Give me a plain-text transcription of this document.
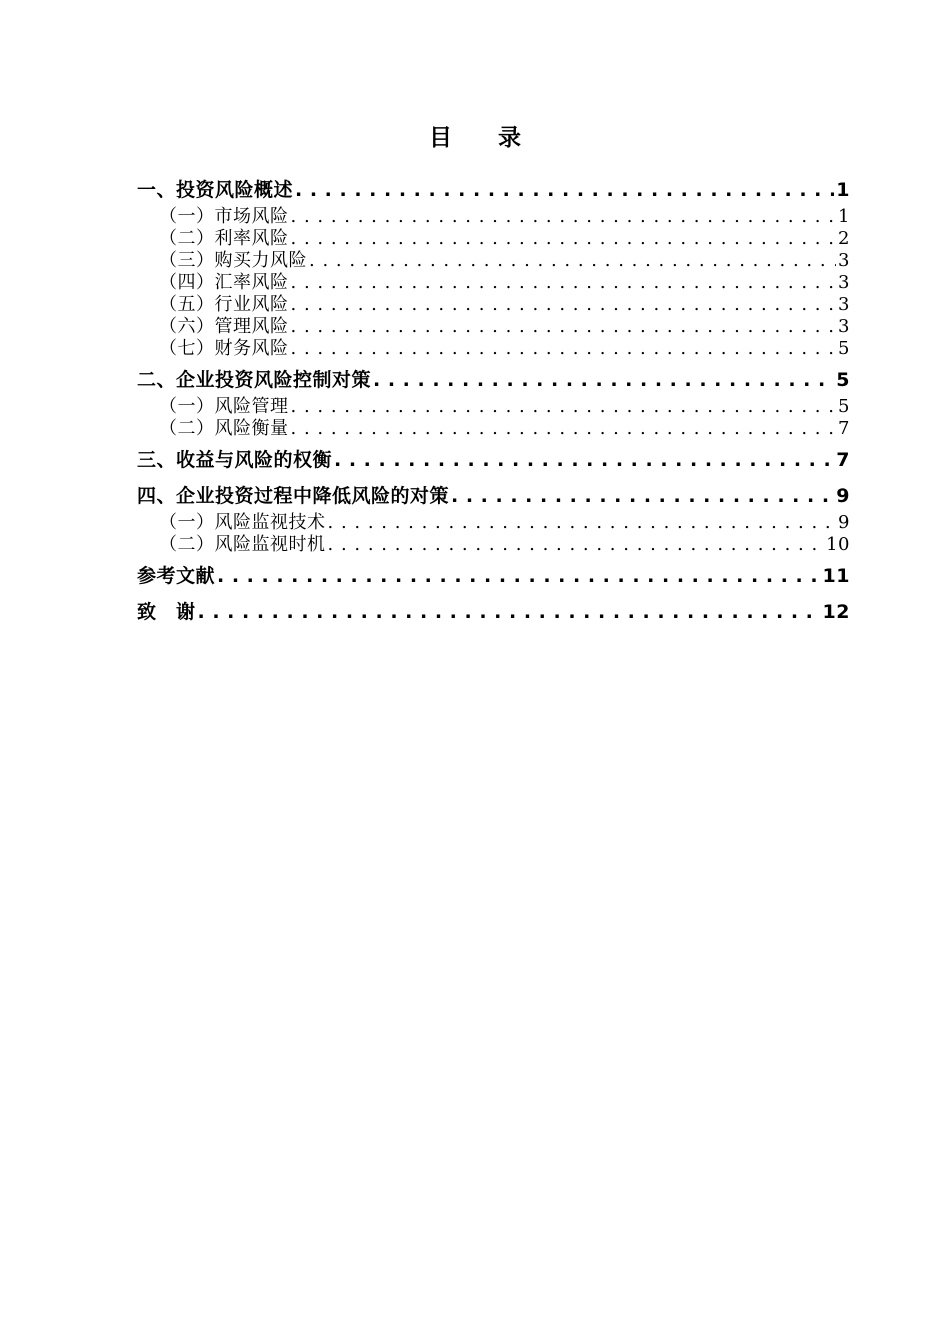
目录
一、投资风险概述 . . .	1
（一）市场风险 . . .	1
（二）利率风险 . . .	2
（三）购买力风险 . . .	3
（四）汇率风险 . . .	3
（五）行业风险 . . .	3
（六）管理风险 . . .	3
（七）财务风险 . . .	5
二、企业投资风险控制对策 . . .	5
（一）风险管理 . . .	5
（二）风险衡量 . . .	7
三、收益与风险的权衡 . . .	7
四、企业投资过程中降低风险的对策 . . .	9
（一）风险监视技术 . . .	9
（二）风险监视时机 . . .	10
参考文献 . . .	11
致　谢 . . .	12
